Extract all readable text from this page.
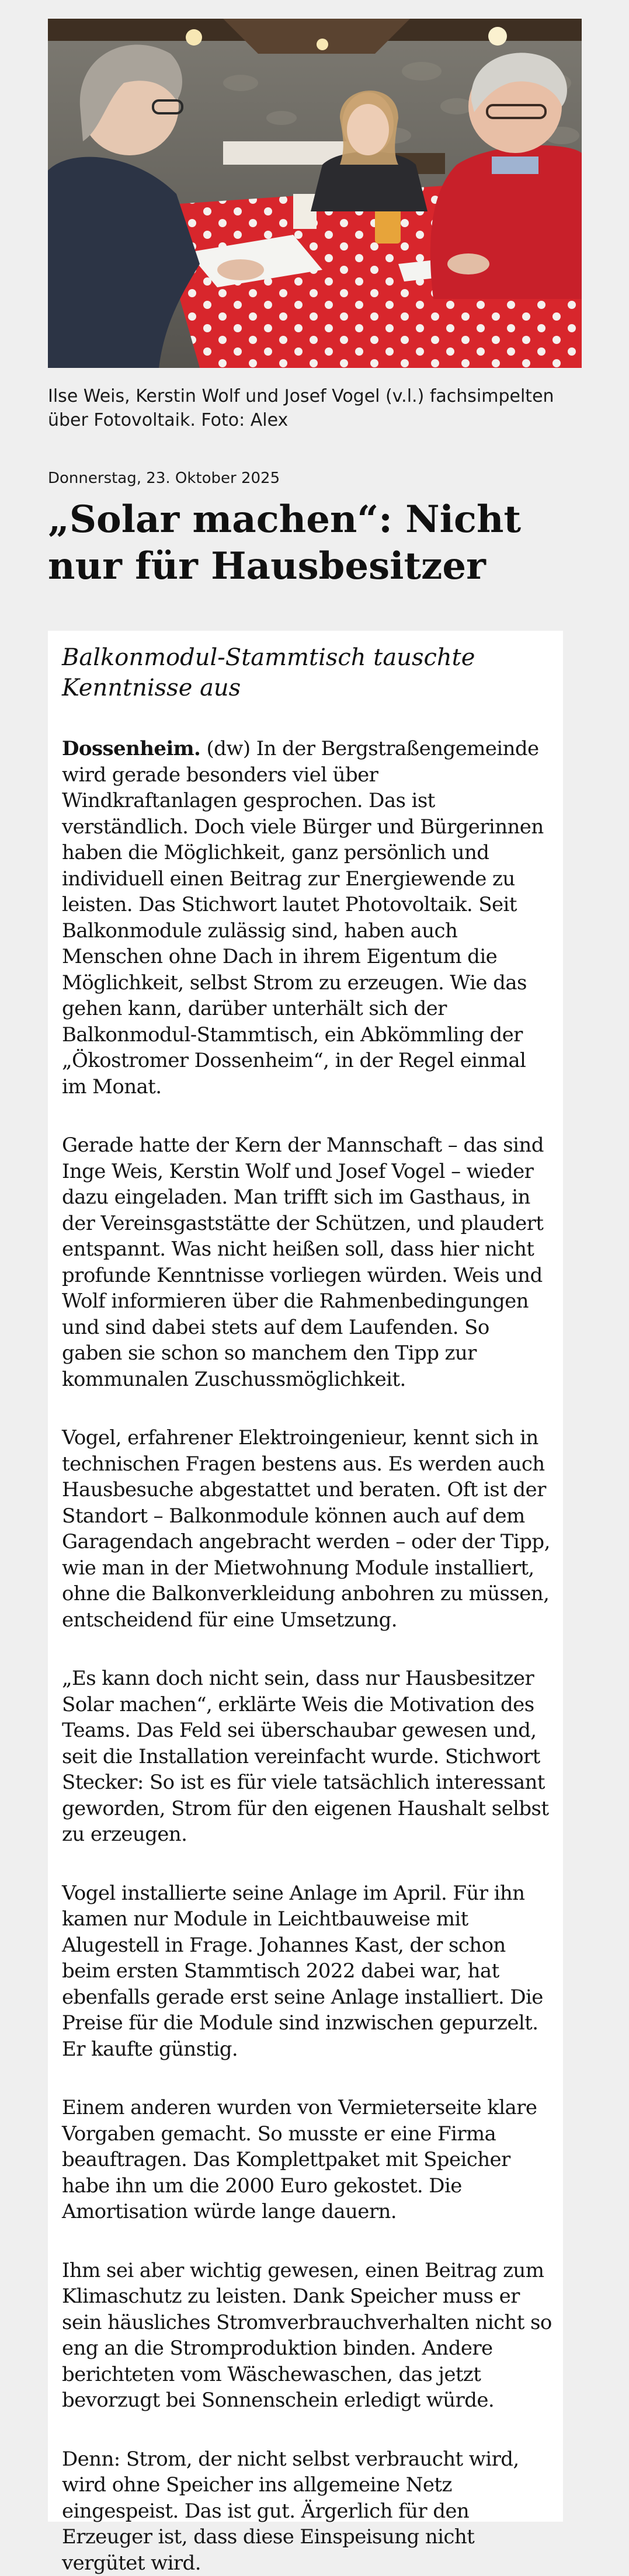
Ilse Weis, Kerstin Wolf und Josef Vogel (v.l.) fachsimpelten über Fotovoltaik. Foto: Alex

Donnerstag, 23. Oktober 2025

„Solar machen“: Nicht nur für Hausbesitzer
Balkonmodul-Stammtisch tauschte Kenntnisse aus

Dossenheim. (dw) In der Bergstraßengemeinde wird gerade besonders viel über Windkraftanlagen gesprochen. Das ist verständlich. Doch viele Bürger und Bürgerinnen haben die Möglichkeit, ganz persönlich und individuell einen Beitrag zur Energiewende zu leisten. Das Stichwort lautet Photovoltaik. Seit Balkonmodule zulässig sind, haben auch Menschen ohne Dach in ihrem Eigentum die Möglichkeit, selbst Strom zu erzeugen. Wie das gehen kann, darüber unterhält sich der Balkonmodul-Stammtisch, ein Abkömmling der „Ökostromer Dossenheim“, in der Regel einmal im Monat.

Gerade hatte der Kern der Mannschaft – das sind Inge Weis, Kerstin Wolf und Josef Vogel – wieder dazu eingeladen. Man trifft sich im Gasthaus, in der Vereinsgaststätte der Schützen, und plaudert entspannt. Was nicht heißen soll, dass hier nicht profunde Kenntnisse vorliegen würden. Weis und Wolf informieren über die Rahmenbedingungen und sind dabei stets auf dem Laufenden. So gaben sie schon so manchem den Tipp zur kommunalen Zuschussmöglichkeit.

Vogel, erfahrener Elektroingenieur, kennt sich in technischen Fragen bestens aus. Es werden auch Hausbesuche abgestattet und beraten. Oft ist der Standort – Balkonmodule können auch auf dem Garagendach angebracht werden – oder der Tipp, wie man in der Mietwohnung Module installiert, ohne die Balkonverkleidung anbohren zu müssen, entscheidend für eine Umsetzung.

„Es kann doch nicht sein, dass nur Hausbesitzer Solar machen“, erklärte Weis die Motivation des Teams. Das Feld sei überschaubar gewesen und, seit die Installation vereinfacht wurde. Stichwort Stecker: So ist es für viele tatsächlich interessant geworden, Strom für den eigenen Haushalt selbst zu erzeugen.

Vogel installierte seine Anlage im April. Für ihn kamen nur Module in Leichtbauweise mit Alugestell in Frage. Johannes Kast, der schon beim ersten Stammtisch 2022 dabei war, hat ebenfalls gerade erst seine Anlage installiert. Die Preise für die Module sind inzwischen gepurzelt. Er kaufte günstig.

Einem anderen wurden von Vermieterseite klare Vorgaben gemacht. So musste er eine Firma beauftragen. Das Komplettpaket mit Speicher habe ihn um die 2000 Euro gekostet. Die Amortisation würde lange dauern.

Ihm sei aber wichtig gewesen, einen Beitrag zum Klimaschutz zu leisten. Dank Speicher muss er sein häusliches Stromverbrauchverhalten nicht so eng an die Stromproduktion binden. Andere berichteten vom Wäschewaschen, das jetzt bevorzugt bei Sonnenschein erledigt würde.

Denn: Strom, der nicht selbst verbraucht wird, wird ohne Speicher ins allgemeine Netz eingespeist. Das ist gut. Ärgerlich für den Erzeuger ist, dass diese Einspeisung nicht vergütet wird.
